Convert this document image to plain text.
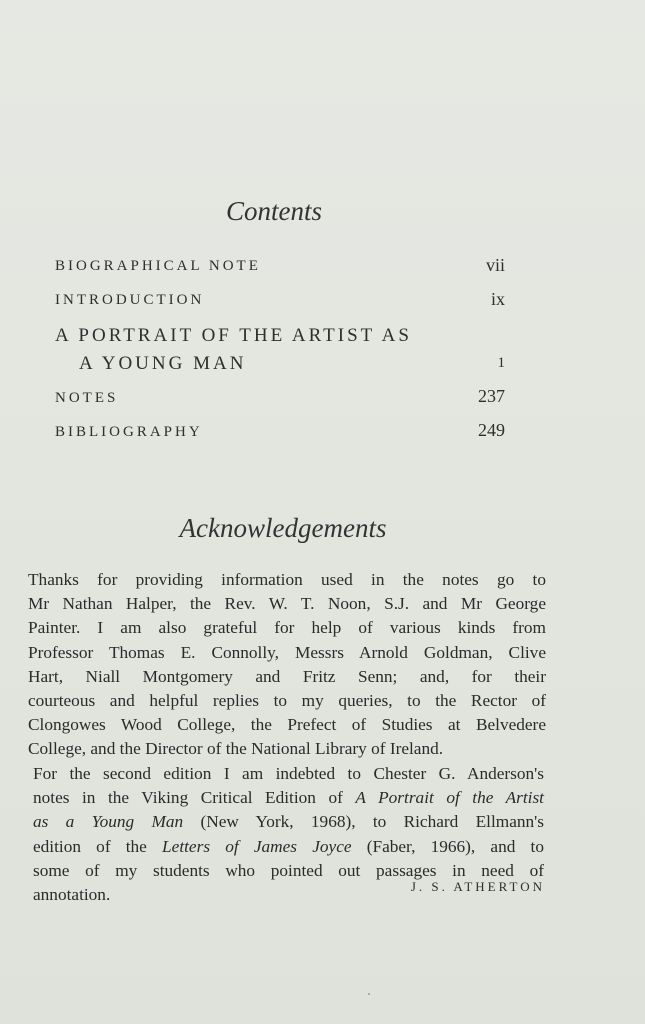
Contents
BIOGRAPHICAL NOTE	vii
INTRODUCTION	ix
A PORTRAIT OF THE ARTIST AS
A YOUNG MAN	1
NOTES	237
BIBLIOGRAPHY	249
Acknowledgements

Thanks for providing information used in the notes go to
Mr Nathan Halper, the Rev. W. T. Noon, S.J. and Mr George
Painter. I am also grateful for help of various kinds from
Professor Thomas E. Connolly, Messrs Arnold Goldman, Clive
Hart, Niall Montgomery and Fritz Senn; and, for their
courteous and helpful replies to my queries, to the Rector of
Clongowes Wood College, the Prefect of Studies at Belvedere
College, and the Director of the National Library of Ireland.

For the second edition I am indebted to Chester G. Anderson's
notes in the Viking Critical Edition of A Portrait of the Artist
as a Young Man (New York, 1968), to Richard Ellmann's
edition of the Letters of James Joyce (Faber, 1966), and to
some of my students who pointed out passages in need of
annotation.	J. S. ATHERTON
